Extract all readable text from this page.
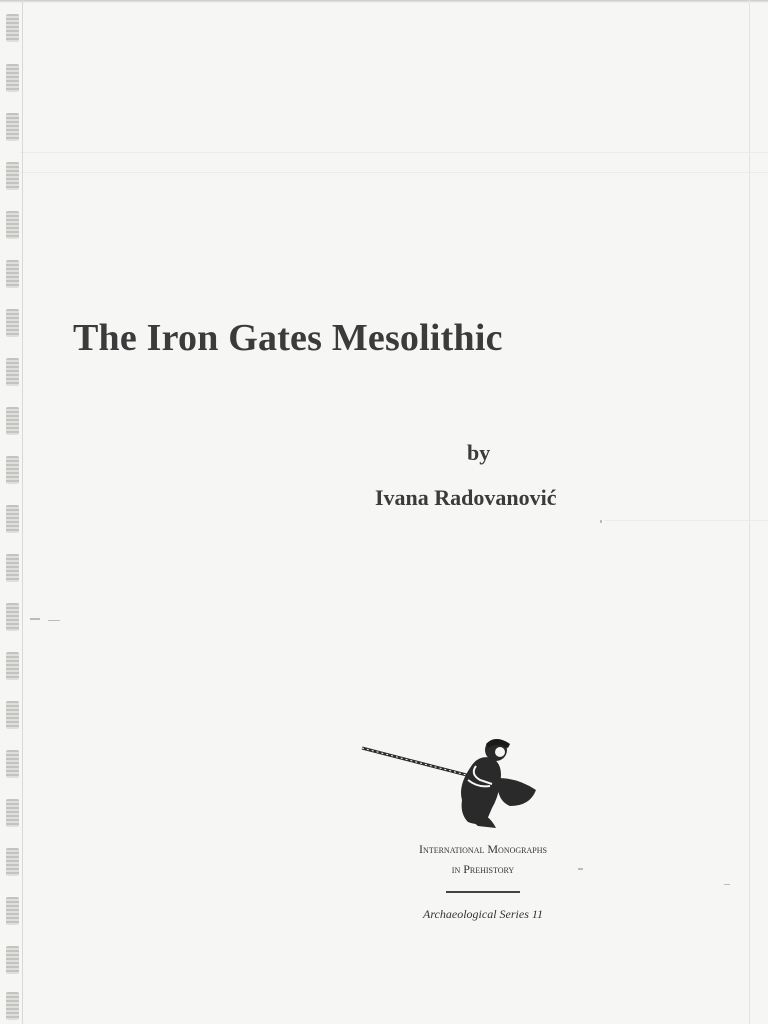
The Iron Gates Mesolithic
by
Ivana Radovanović
International Monographs
in Prehistory
Archaeological Series 11
